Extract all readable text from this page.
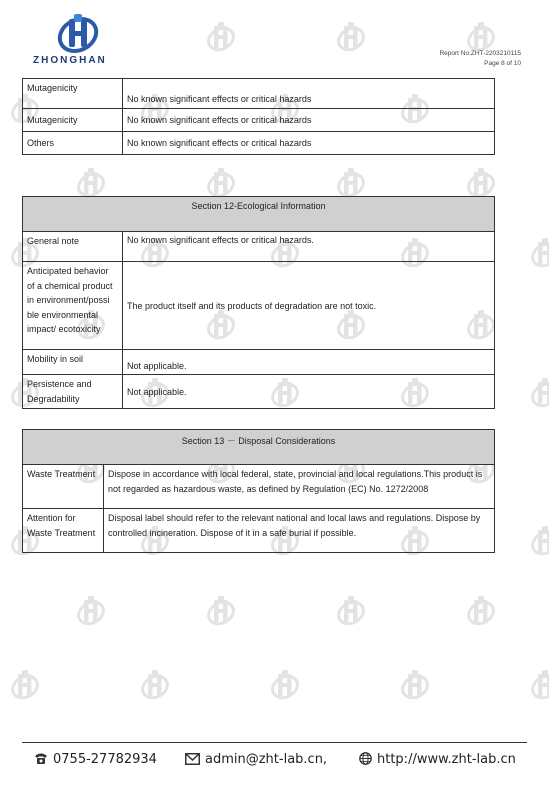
ZHONGHAN
Report No:ZHT-2203210115
Page 8 of 10
Mutagenicity	No known significant effects or critical hazards
Mutagenicity	No known significant effects or critical hazards
Others	No known significant effects or critical hazards
Section 12-Ecological Information	
General note	No known significant effects or critical hazards.
Anticipated behavior of a chemical product in environment/possi ble environmental impact/ ecotoxicity	The product itself and its products of degradation are not toxic.
Mobility in soil	Not applicable.
Persistence and Degradability	Not applicable.
Section 13 － Disposal Considerations	
Waste Treatment	Dispose in accordance with local federal, state, provincial and local regulations.This product is not regarded as hazardous waste, as defined by Regulation (EC) No. 1272/2008
Attention for Waste Treatment	Disposal label should refer to the relevant national and local laws and regulations. Dispose by controlled incineration. Dispose of it in a safe burial if possible.
0755-27782934	admin@zht-lab.cn,	http://www.zht-lab.cn
